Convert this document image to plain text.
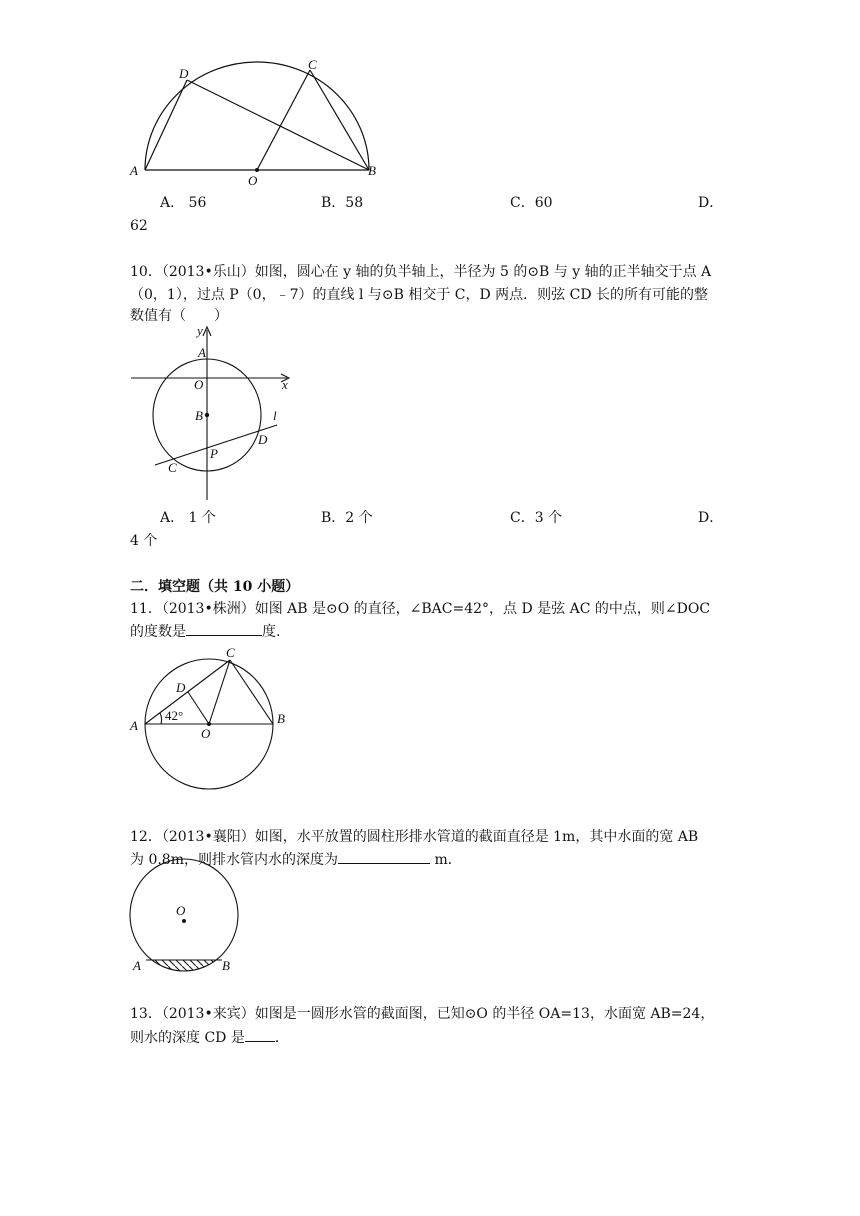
D
C
A
O
B
A． 56	B．58	C．60	D．
62
10．（2013•乐山）如图，圆心在 y 轴的负半轴上，半径为 5 的⊙B 与 y 轴的正半轴交于点 A
（0，1），过点 P（0，﹣7）的直线 l 与⊙B 相交于 C，D 两点．则弦 CD 长的所有可能的整
数值有（　　）
y
A
x
O
B	l
D
C
P
A． 1 个	B．2 个	C．3 个	D．
4 个
二．填空题（共 10 小题）
11．（2013•株洲）如图 AB 是⊙O 的直径，∠BAC=42°，点 D 是弦 AC 的中点，则∠DOC
的度数是	度.
C
D
A
O
B
42°
12．（2013•襄阳）如图，水平放置的圆柱形排水管道的截面直径是 1m，其中水面的宽 AB
为 0.8m，则排水管内水的深度为	m．
O
A	B
13．（2013•来宾）如图是一圆形水管的截面图，已知⊙O 的半径 OA=13，水面宽 AB=24，
则水的深度 CD 是 ．
